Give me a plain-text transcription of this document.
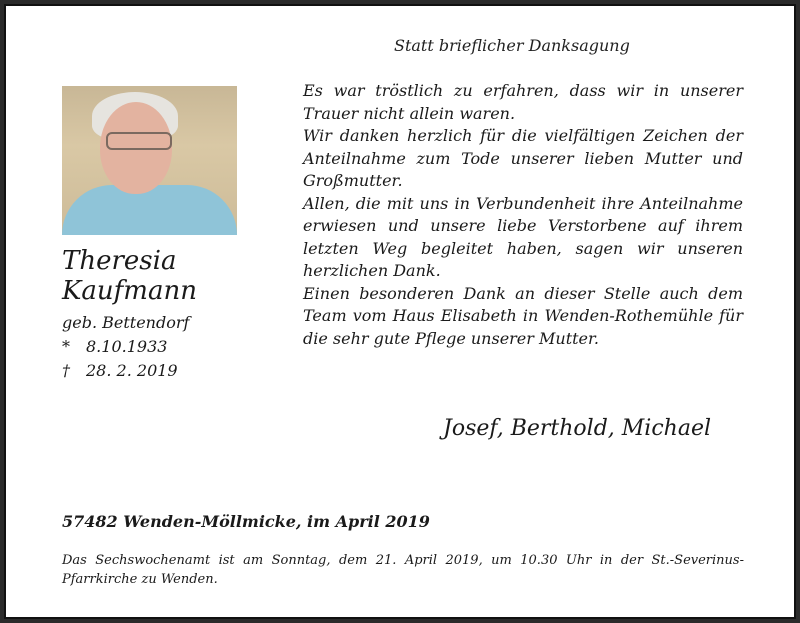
Statt brieflicher Danksagung
Theresia
Kaufmann
geb. Bettendorf
* 8.10.1933
† 28. 2. 2019

Es war tröstlich zu erfahren, dass wir in unserer Trauer nicht allein waren.

Wir danken herzlich für die vielfältigen Zeichen der Anteilnahme zum Tode unserer lieben Mutter und Großmutter.

Allen, die mit uns in Verbundenheit ihre Anteilnahme erwiesen und unsere liebe Verstorbene auf ihrem letzten Weg begleitet haben, sagen wir unseren herzlichen Dank.

Einen besonderen Dank an dieser Stelle auch dem Team vom Haus Elisabeth in Wenden-Rothemühle für die sehr gute Pflege unserer Mutter.

Josef, Berthold, Michael
57482 Wenden-Möllmicke, im April 2019
Das Sechswochenamt ist am Sonntag, dem 21. April 2019, um 10.30 Uhr in der St.-Severinus-Pfarrkirche zu Wenden.
